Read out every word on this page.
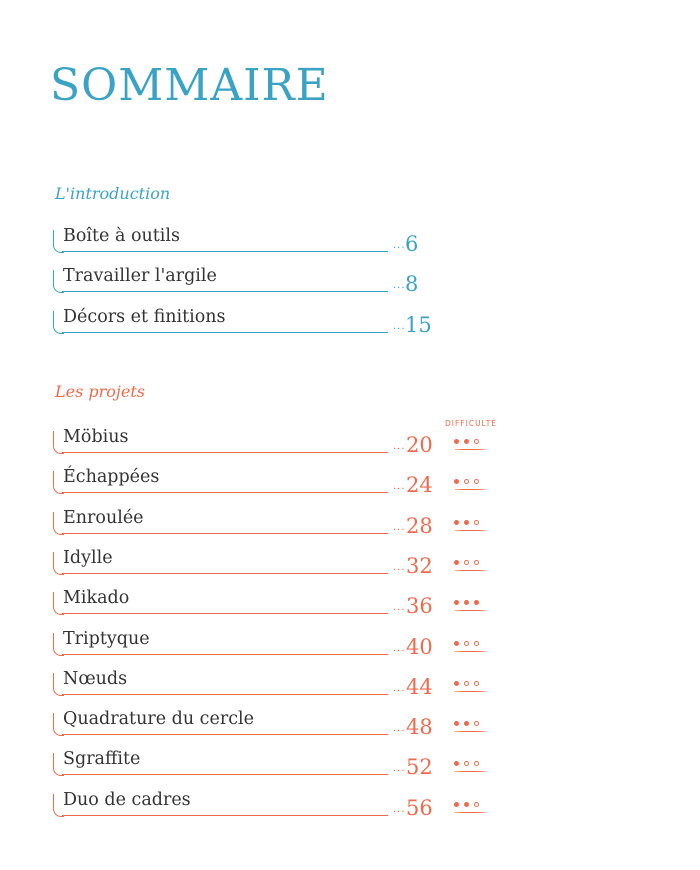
SOMMAIRE
L'introduction
Boîte à outils
··· 6
Travailler l'argile
··· 8
Décors et finitions
··· 15
Les projets
DIFFICULTÉ
Möbius
··· 20
Échappées
··· 24
Enroulée
··· 28
Idylle
··· 32
Mikado
··· 36
Triptyque
··· 40
Nœuds
··· 44
Quadrature du cercle
··· 48
Sgraffite
··· 52
Duo de cadres
··· 56
